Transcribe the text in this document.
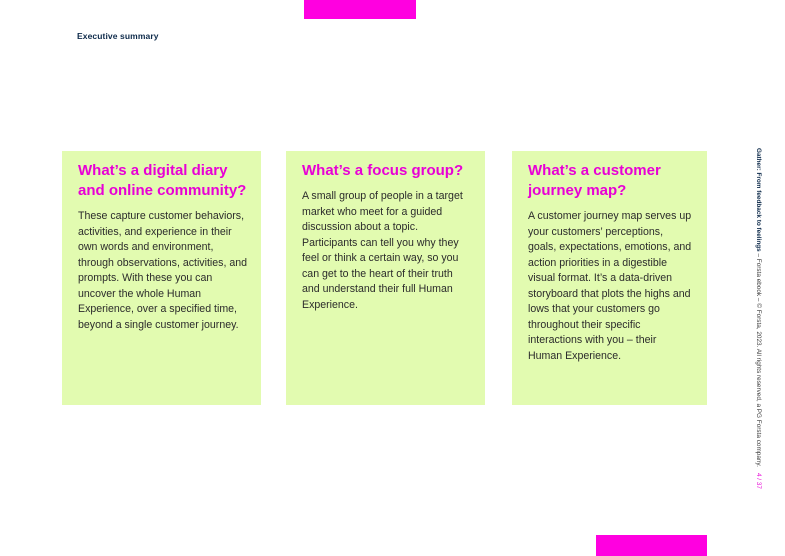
Executive summary
What’s a digital diary and online community?

These capture customer behaviors, activities, and experience in their own words and environment, through observations, activities, and prompts. With these you can uncover the whole Human Experience, over a specified time, beyond a single customer journey.

What’s a focus group?

A small group of people in a target market who meet for a guided discussion about a topic. Participants can tell you why they feel or think a certain way, so you can get to the heart of their truth and understand their full Human Experience.

What’s a customer journey map?

A customer journey map serves up your customers’ perceptions, goals, expectations, emotions, and action priorities in a digestible visual format. It’s a data-driven storyboard that plots the highs and lows that your customers go throughout their specific interactions with you – their Human Experience.

Gather: From feedback to feelings – Forsta ebook – © Forsta, 2023. All rights reserved, a PG Forsta company.4 / 37
